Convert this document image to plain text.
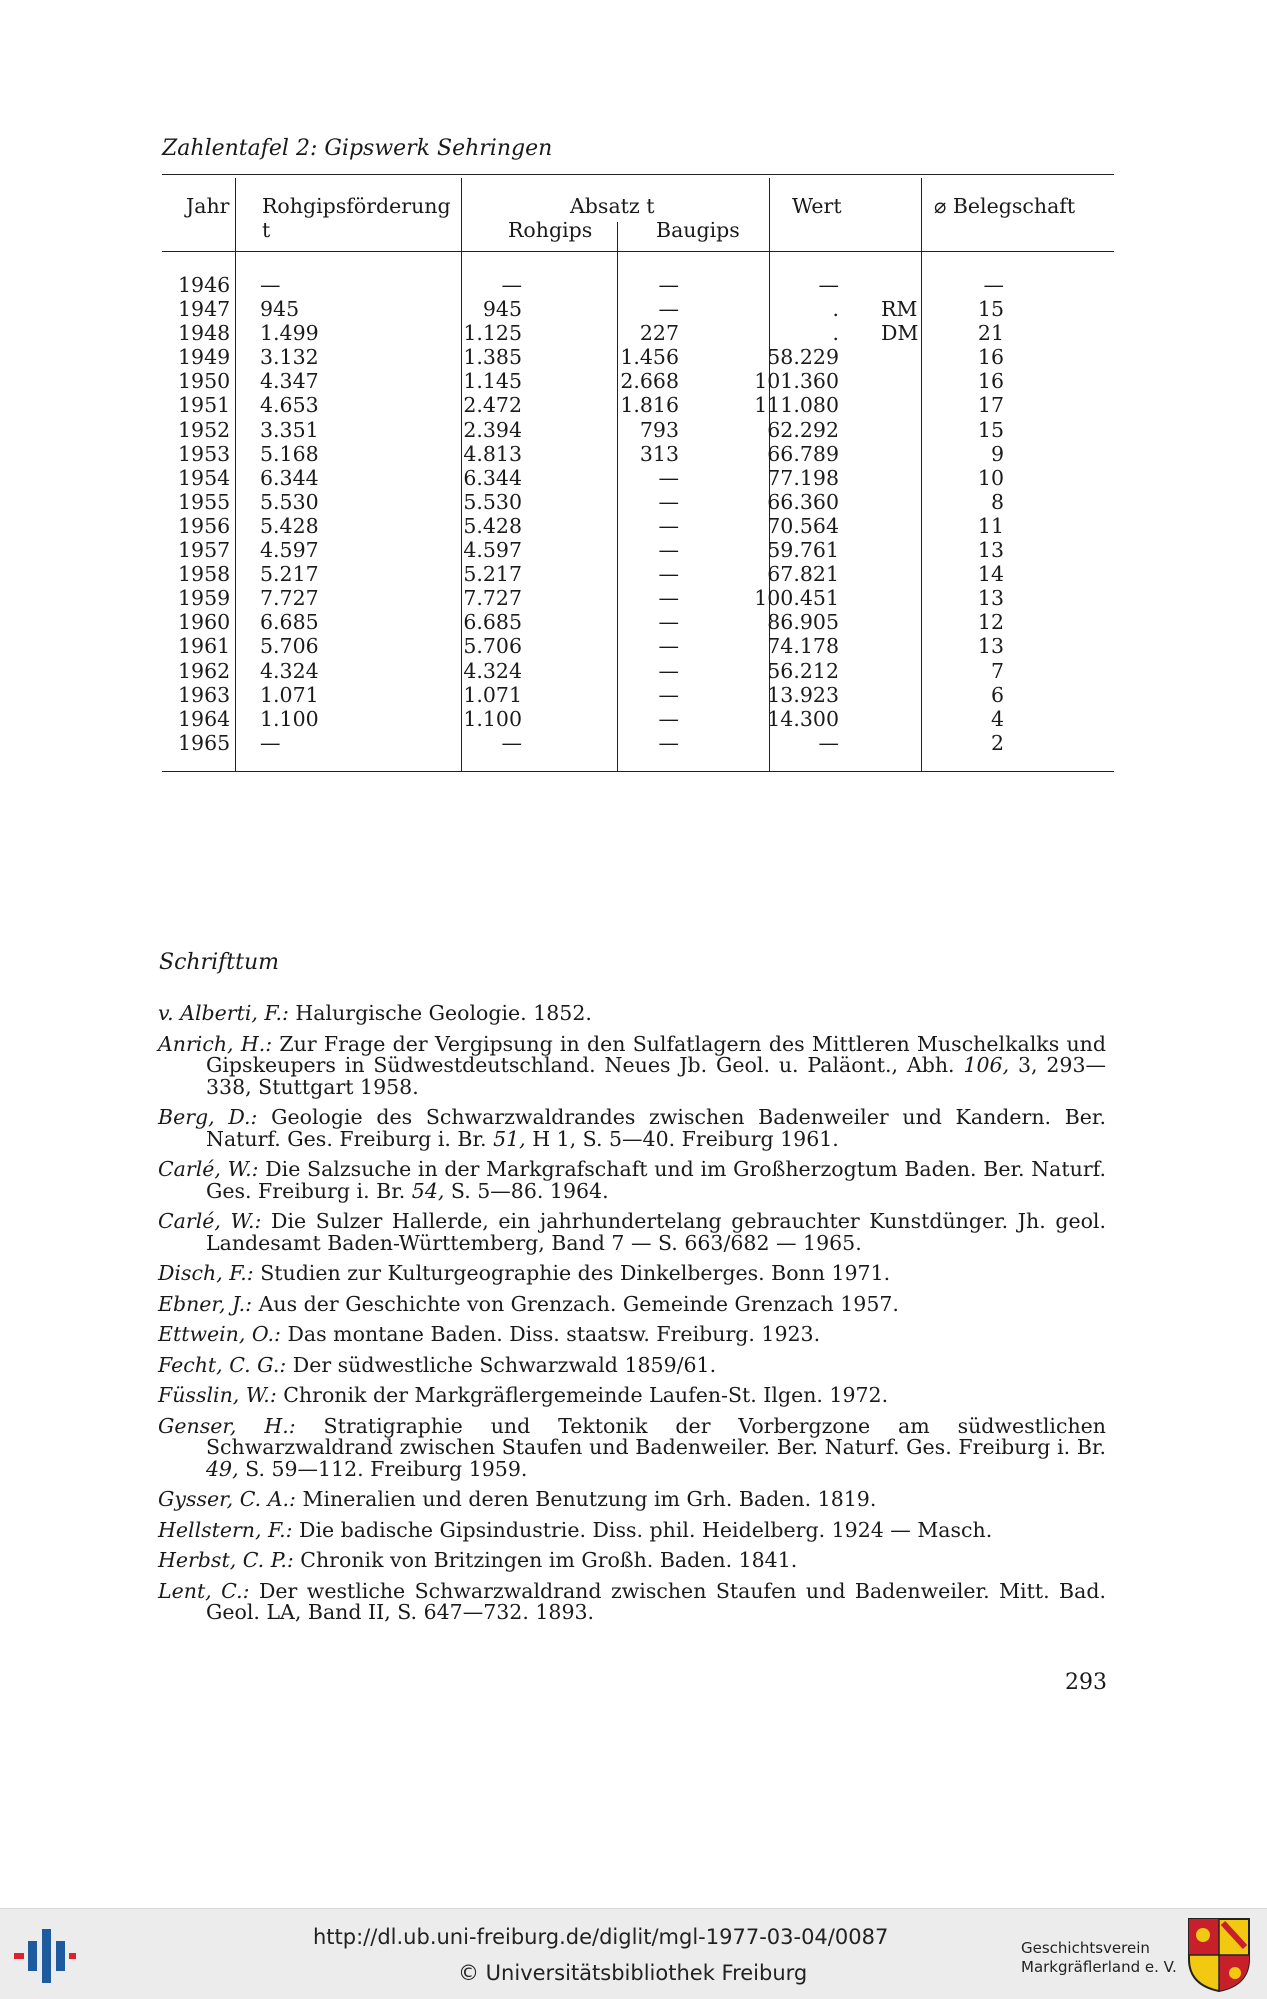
Zahlentafel 2: Gipswerk Sehringen
Jahr Rohgipsförderung
t
Absatz t
Rohgips	Baugips
Wert	⌀ Belegschaft
1946 —	—	—	—	—
1947 945	945	—	. RM	15
1948 1.499	1.125	227	. DM	21
1949 3.132	1.385	1.456	58.229	16
1950 4.347	1.145	2.668	101.360	16
1951 4.653	2.472	1.816	111.080	17
1952 3.351	2.394	793	62.292	15
1953 5.168	4.813	313	66.789	9
1954 6.344	6.344	—	77.198	10
1955 5.530	5.530	—	66.360	8
1956 5.428	5.428	—	70.564	11
1957 4.597	4.597	—	59.761	13
1958 5.217	5.217	—	67.821	14
1959 7.727	7.727	—	100.451	13
1960 6.685	6.685	—	86.905	12
1961 5.706	5.706	—	74.178	13
1962 4.324	4.324	—	56.212	7
1963 1.071	1.071	—	13.923	6
1964 1.100	1.100	—	14.300	4
1965 —	—	—	—	2
Schrifttum
v. Alberti, F.: Halurgische Geologie. 1852.
Anrich, H.: Zur Frage der Vergipsung in den Sulfatlagern des Mittleren Muschelkalks und Gipskeupers in Südwestdeutschland. Neues Jb. Geol. u. Paläont., Abh. 106, 3, 293—338, Stuttgart 1958.
Berg, D.: Geologie des Schwarzwaldrandes zwischen Badenweiler und Kandern. Ber. Naturf. Ges. Freiburg i. Br. 51, H 1, S. 5—40. Freiburg 1961.
Carlé, W.: Die Salzsuche in der Markgrafschaft und im Großherzogtum Baden. Ber. Naturf. Ges. Freiburg i. Br. 54, S. 5—86. 1964.
Carlé, W.: Die Sulzer Hallerde, ein jahrhundertelang gebrauchter Kunstdünger. Jh. geol. Landesamt Baden-Württemberg, Band 7 — S. 663/682 — 1965.
Disch, F.: Studien zur Kulturgeographie des Dinkelberges. Bonn 1971.
Ebner, J.: Aus der Geschichte von Grenzach. Gemeinde Grenzach 1957.
Ettwein, O.: Das montane Baden. Diss. staatsw. Freiburg. 1923.
Fecht, C. G.: Der südwestliche Schwarzwald 1859/61.
Füsslin, W.: Chronik der Markgräflergemeinde Laufen-St. Ilgen. 1972.
Genser, H.: Stratigraphie und Tektonik der Vorbergzone am südwestlichen Schwarzwaldrand zwischen Staufen und Badenweiler. Ber. Naturf. Ges. Freiburg i. Br. 49, S. 59—112. Freiburg 1959.
Gysser, C. A.: Mineralien und deren Benutzung im Grh. Baden. 1819.
Hellstern, F.: Die badische Gipsindustrie. Diss. phil. Heidelberg. 1924 — Masch.
Herbst, C. P.: Chronik von Britzingen im Großh. Baden. 1841.
Lent, C.: Der westliche Schwarzwaldrand zwischen Staufen und Badenweiler. Mitt. Bad. Geol. LA, Band II, S. 647—732. 1893.
293
http://dl.ub.uni-freiburg.de/diglit/mgl-1977-03-04/0087
© Universitätsbibliothek Freiburg
Geschichtsverein
Markgräflerland e. V.
